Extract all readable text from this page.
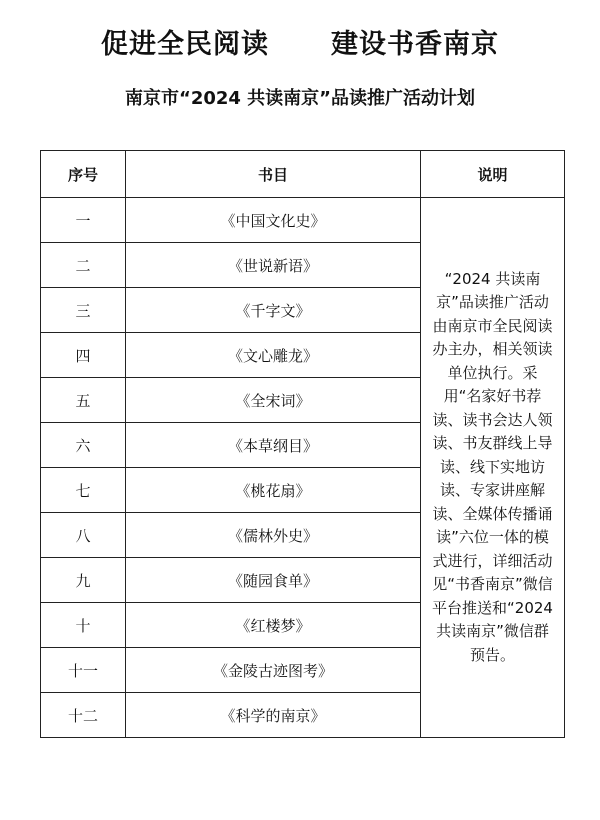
促进全民阅读 建设书香南京
南京市“2024 共读南京”品读推广活动计划
序号	书目	说明
一	《中国文化史》	“2024 共读南京”品读推广活动由南京市全民阅读办主办，相关领读单位执行。采用“名家好书荐读、读书会达人领读、书友群线上导读、线下实地访读、专家讲座解读、全媒体传播诵读”六位一体的模式进行，详细活动见“书香南京”微信平台推送和“2024 共读南京”微信群预告。
二	《世说新语》	
三	《千字文》	
四	《文心雕龙》	
五	《全宋词》	
六	《本草纲目》	
七	《桃花扇》	
八	《儒林外史》	
九	《随园食单》	
十	《红楼梦》	
十一	《金陵古迹图考》	
十二	《科学的南京》	
